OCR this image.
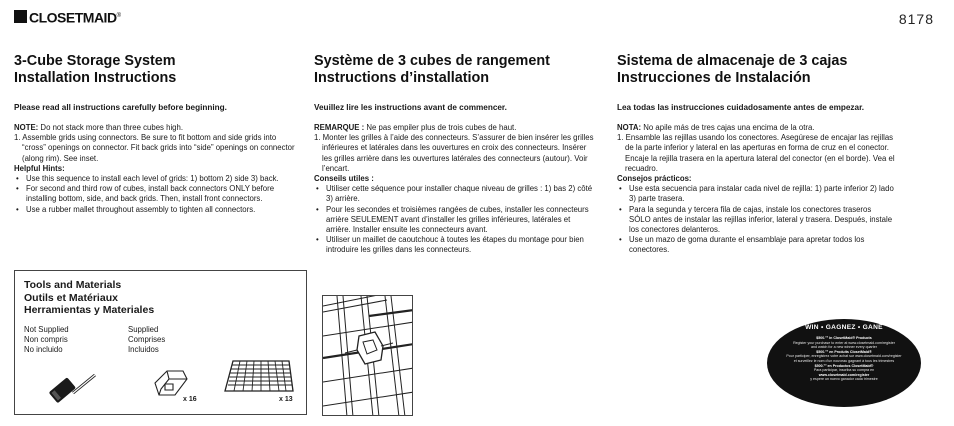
CLOSETMAID®	8178
3-Cube Storage System
Installation Instructions
Please read all instructions carefully before beginning.

NOTE: Do not stack more than three cubes high.

1. Assemble grids using connectors. Be sure to fit bottom and side grids into “cross” openings on connector. Fit back grids into “side” openings on connector (along rim). See inset.

Helpful Hints:

• Use this sequence to install each level of grids: 1) bottom 2) side 3) back.
• For second and third row of cubes, install back connectors ONLY before installing bottom, side, and back grids. Then, install front connectors.
• Use a rubber mallet throughout assembly to tighten all connectors.
Système de 3 cubes de rangement
Instructions d’installation
Veuillez lire les instructions avant de commencer.

REMARQUE : Ne pas empiler plus de trois cubes de haut.

1. Monter les grilles à l’aide des connecteurs. S’assurer de bien insérer les grilles inférieures et latérales dans les ouvertures en croix des connecteurs. Insérer les grilles arrière dans les ouvertures latérales des connecteurs (autour). Voir l’encart.

Conseils utiles :

• Utiliser cette séquence pour installer chaque niveau de grilles : 1) bas 2) côté 3) arrière.
• Pour les secondes et troisièmes rangées de cubes, installer les connecteurs arrière SEULEMENT avant d’installer les grilles inférieures, latérales et arrière. Installer ensuite les connecteurs avant.
• Utiliser un maillet de caoutchouc à toutes les étapes du montage pour bien introduire les grilles dans les connecteurs.
Sistema de almacenaje de 3 cajas
Instrucciones de Instalación
Lea todas las instrucciones cuidadosamente antes de empezar.

NOTA: No apile más de tres cajas una encima de la otra.

1. Ensamble las rejillas usando los conectores. Asegúrese de encajar las rejillas de la parte inferior y lateral en las aperturas en forma de cruz en el conector. Encaje la rejilla trasera en la apertura lateral del conector (en el borde). Vea el recuadro.

Consejos prácticos:

• Use esta secuencia para instalar cada nivel de rejilla: 1) parte inferior 2) lado 3) parte trasera.
• Para la segunda y tercera fila de cajas, instale los conectores traseros SÓLO antes de instalar las rejillas inferior, lateral y trasera. Después, instale los conectores delanteros.
• Use un mazo de goma durante el ensamblaje para apretar todos los conectores.
Tools and Materials
Outils et Matériaux
Herramientas y Materiales
Not Supplied
Non compris
No incluido
Supplied
Comprises
Incluidos
x 16	x 13
WIN • GAGNEZ • GANE
$500.°° in ClosetMaid® Products
Register your purchase to enter at www.closetmaid.com/register
and watch for a new winner every quarter
$500.°° en Produits ClosetMaid®
Pour participer, enregistrez votre achat sur www.closetmaid.com/register
et surveillez le nom d’un nouveau gagnant à tous les trimestres
$500.°° en Productos ClosetMaid®
Para participar, inscriba su compra en
www.closetmaid.com/register
y espere un nuevo ganador cada trimestre
